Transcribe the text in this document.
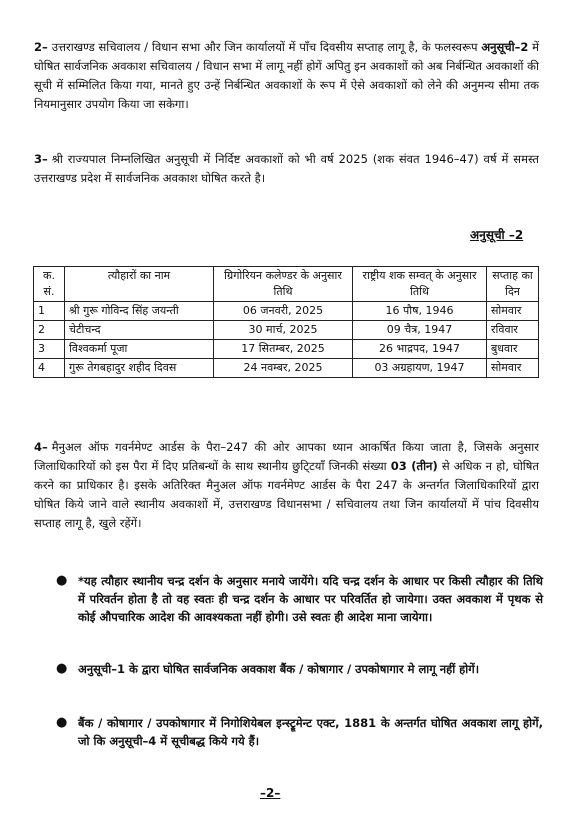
2– उत्तराखण्ड सचिवालय / विधान सभा और जिन कार्यालयों में पाँच दिवसीय सप्ताह लागू है, के फलस्वरूप अनुसूची–2 में घोषित सार्वजनिक अवकाश सचिवालय / विधान सभा में लागू नहीं होगें अपितु इन अवकाशों को अब निर्बन्धित अवकाशों की सूची में सम्मिलित किया गया, मानते हुए उन्हें निर्बन्धित अवकाशों के रूप में ऐसे अवकाशों को लेने की अनुमन्य सीमा तक नियमानुसार उपयोग किया जा सकेगा।
3– श्री राज्यपाल निम्नलिखित अनुसूची में निर्दिष्ट अवकाशों को भी वर्ष 2025 (शक संवत 1946–47) वर्ष में समस्त उत्तराखण्ड प्रदेश में सार्वजनिक अवकाश घोषित करते है।
अनुसूची –2
क. सं.	त्यौहारों का नाम	ग्रिगोरियन कलेण्डर के अनुसार तिथि	राष्ट्रीय शक सम्वत् के अनुसार तिथि	सप्ताह का दिन
1	श्री गुरू गोविन्द सिंह जयन्ती	06 जनवरी, 2025	16 पौष, 1946	सोमवार
2	चेटीचन्द	30 मार्च, 2025	09 चैत्र, 1947	रविवार
3	विश्वकर्मा पूजा	17 सितम्बर, 2025	26 भाद्रपद, 1947	बुधवार
4	गुरू तेगबहादुर शहीद दिवस	24 नवम्बर, 2025	03 अग्रहायण, 1947	सोमवार
4– मैनुअल ऑफ गवर्नमेण्ट आर्डस के पैरा–247 की ओर आपका ध्यान आकर्षित किया जाता है, जिसके अनुसार जिलाधिकारियों को इस पैरा में दिए प्रतिबन्धों के साथ स्थानीय छुटि्टयाँ जिनकी संख्या 03 (तीन) से अधिक न हो, घोषित करने का प्राधिकार है। इसके अतिरिक्त मैनुअल ऑफ गवर्नमेण्ट आर्डस के पैरा 247 के अन्तर्गत जिलाधिकारियों द्वारा घोषित किये जाने वाले स्थानीय अवकाशों में, उत्तराखण्ड विधानसभा / सचिवालय तथा जिन कार्यालयों में पांच दिवसीय सप्ताह लागू है, खुले रहेंगें।
● *यह त्यौहार स्थानीय चन्द्र दर्शन के अनुसार मनाये जायेंगे। यदि चन्द्र दर्शन के आधार पर किसी त्यौहार की तिथि में परिवर्तन होता है तो वह स्वतः ही चन्द्र दर्शन के आधार पर परिवर्तित हो जायेगा। उक्त अवकाश में पृथक से कोई औपचारिक आदेश की आवश्यकता नहीं होगी। उसे स्वतः ही आदेश माना जायेगा।
● अनुसूची–1 के द्वारा घोषित सार्वजनिक अवकाश बैंक / कोषागार / उपकोषागार मे लागू नहीं होगें।
● बैंक / कोषागार / उपकोषागार में निगोशियेबल इन्स्ट्रूमेन्ट एक्ट, 1881 के अन्तर्गत घोषित अवकाश लागू होगें, जो कि अनुसूची–4 में सूचीबद्ध किये गये हैं।
–2–
